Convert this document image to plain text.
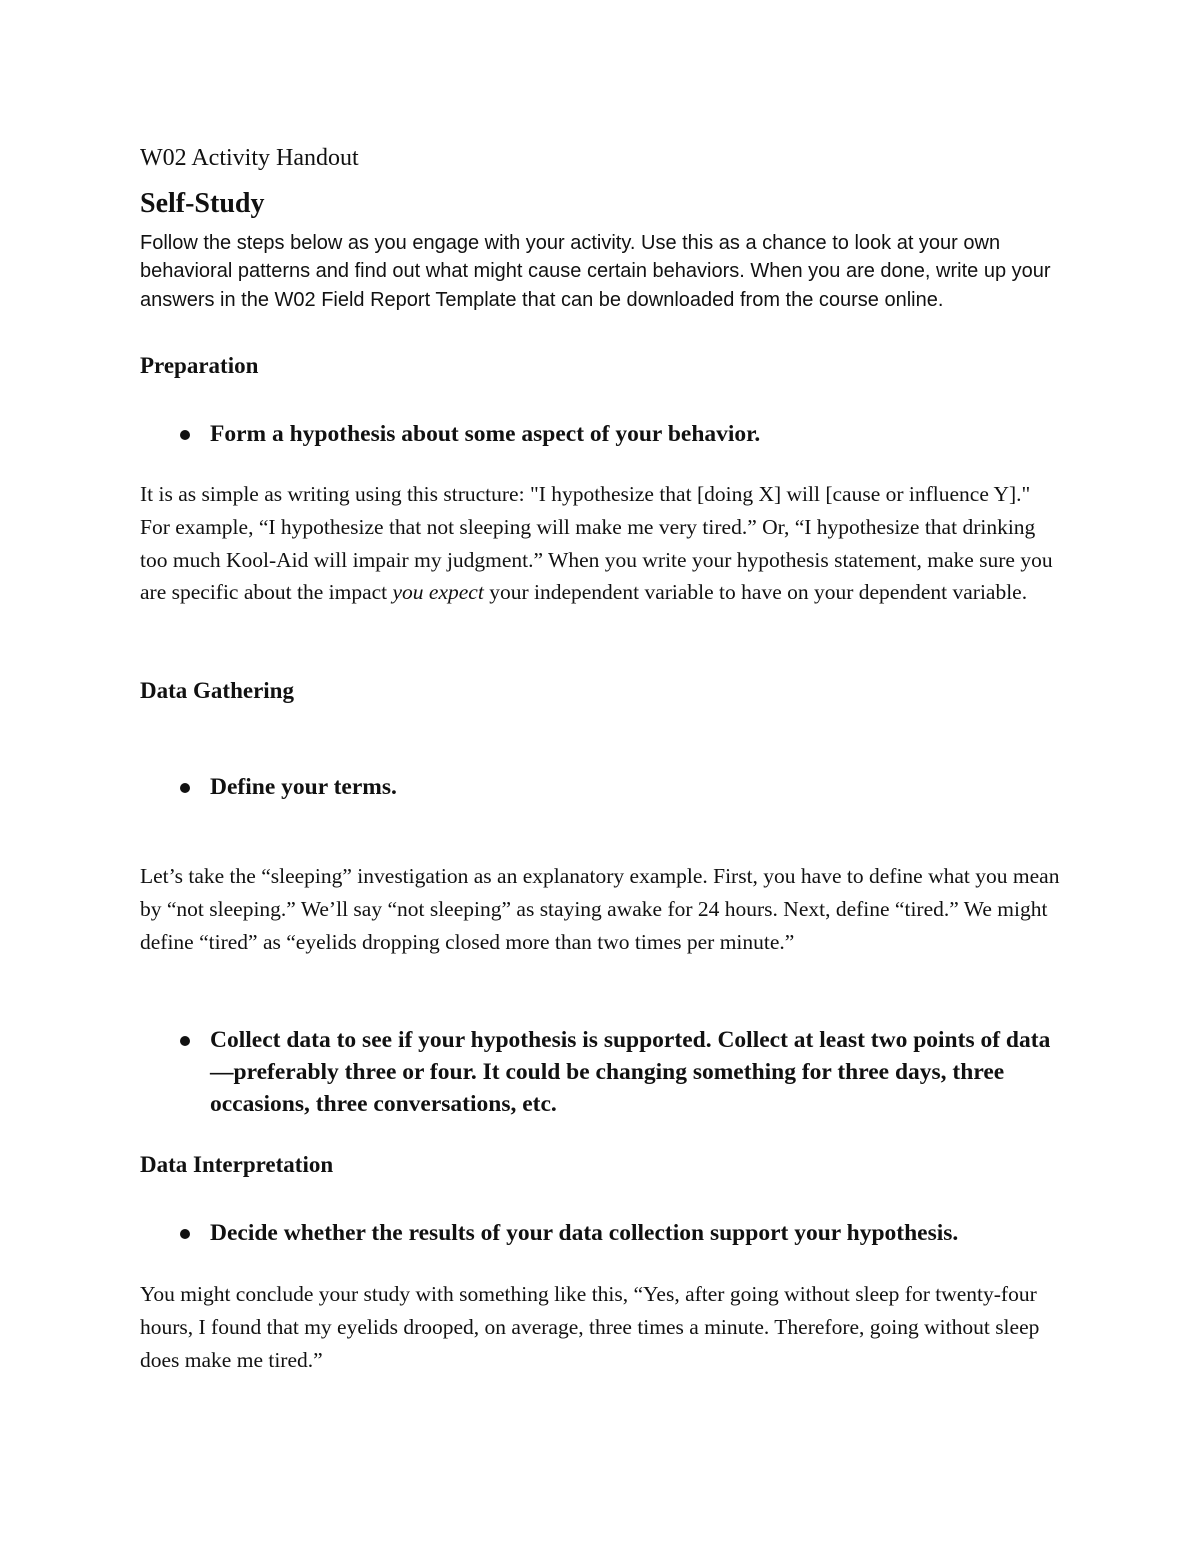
W02 Activity Handout
Self-Study

Follow the steps below as you engage with your activity. Use this as a chance to look at your own behavioral patterns and find out what might cause certain behaviors. When you are done, write up your answers in the W02 Field Report Template that can be downloaded from the course online.

Preparation

Form a hypothesis about some aspect of your behavior.

It is as simple as writing using this structure: "I hypothesize that [doing X] will [cause or influence Y]." For example, “I hypothesize that not sleeping will make me very tired.” Or, “I hypothesize that drinking too much Kool-Aid will impair my judgment.” When you write your hypothesis statement, make sure you are specific about the impact you expect your independent variable to have on your dependent variable.

Data Gathering

Define your terms.

Let’s take the “sleeping” investigation as an explanatory example. First, you have to define what you mean by “not sleeping.” We’ll say “not sleeping” as staying awake for 24 hours. Next, define “tired.” We might define “tired” as “eyelids dropping closed more than two times per minute.”

Collect data to see if your hypothesis is supported. Collect at least two points of data—preferably three or four. It could be changing something for three days, three occasions, three conversations, etc.

Data Interpretation

Decide whether the results of your data collection support your hypothesis.

You might conclude your study with something like this, “Yes, after going without sleep for twenty-four hours, I found that my eyelids drooped, on average, three times a minute. Therefore, going without sleep does make me tired.”
